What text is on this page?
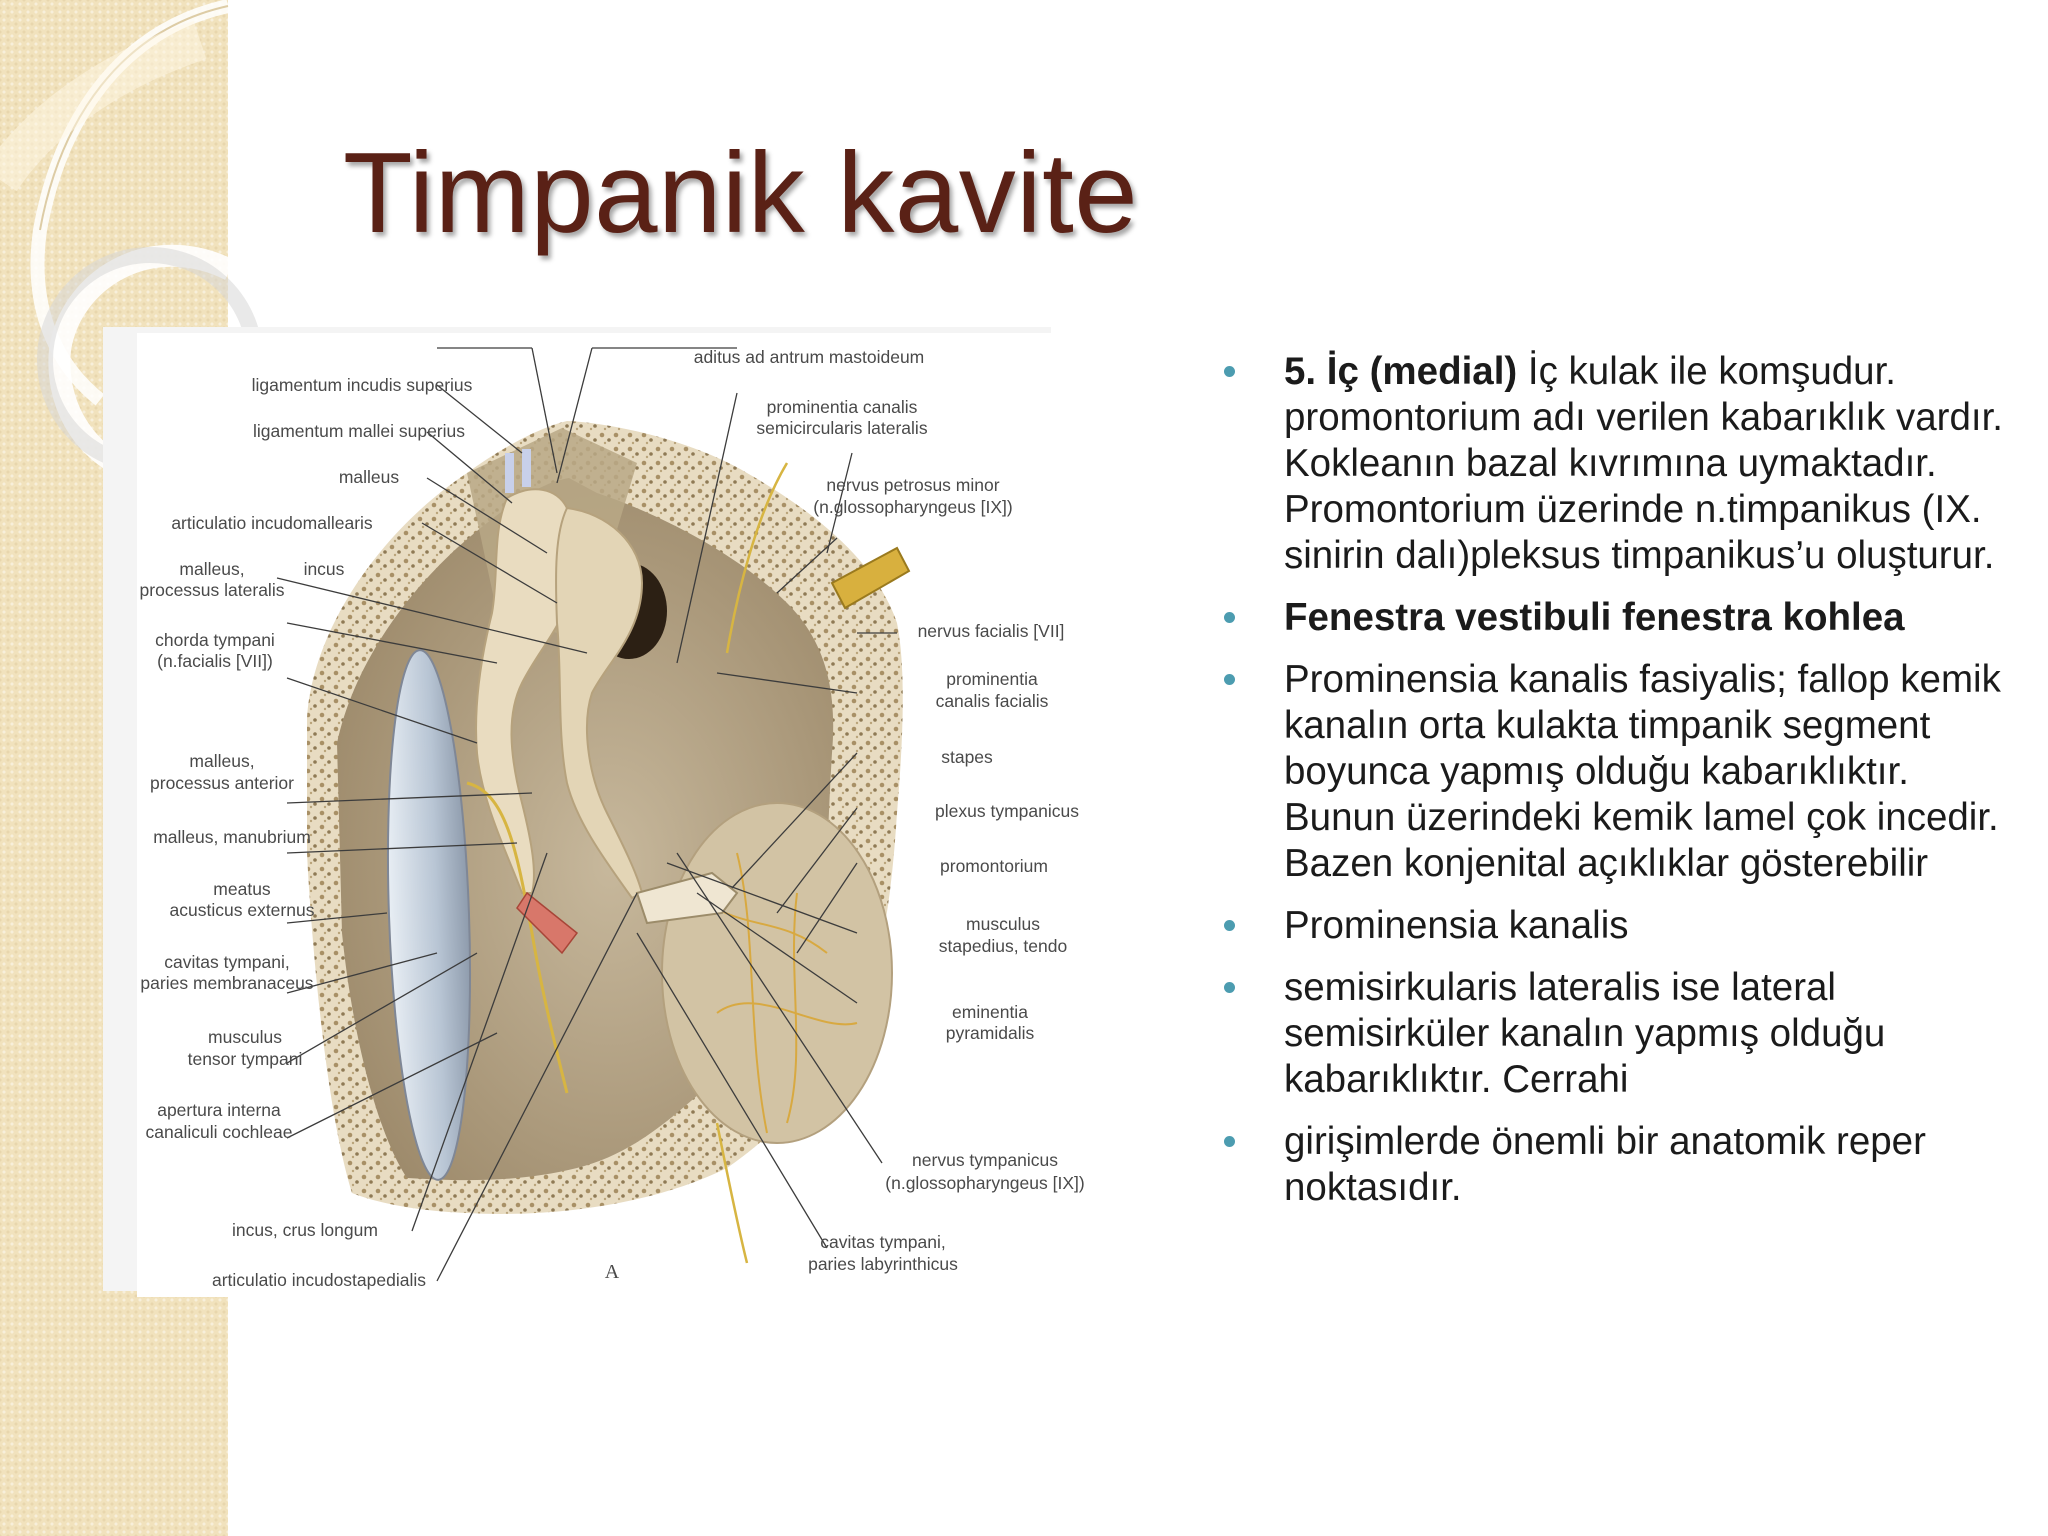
Timpanik kavite
Li
ligamentum incudis superius
ligamentum mallei superius
malleus
articulatio incudomallearis
malleus,
processus lateralis
incus
chorda tympani
(n.facialis [VII])
malleus,
processus anterior
malleus, manubrium
meatus
acusticus externus
cavitas tympani,
paries membranaceus
musculus
tensor tympani
apertura interna
canaliculi cochleae
incus, crus longum
articulatio incudostapedialis	A
aditus ad antrum mastoideum
prominentia canalis
semicircularis lateralis
nervus petrosus minor
(n.glossopharyngeus [IX])
nervus facialis [VII]
prominentia
canalis facialis
stapes
plexus tympanicus
promontorium
musculus
stapedius, tendo
eminentia
pyramidalis
nervus tympanicus
(n.glossopharyngeus [IX])
cavitas tympani,
paries labyrinthicus
5. İç (medial) İç kulak ile komşudur. promontorium adı verilen kabarıklık vardır. Kokleanın bazal kıvrımına uymaktadır. Promontorium üzerinde n.timpanikus (IX. sinirin dalı)pleksus timpanikus’u oluşturur.
Fenestra vestibuli fenestra kohlea
Prominensia kanalis fasiyalis; fallop kemik kanalın orta kulakta timpanik segment boyunca yapmış olduğu kabarıklıktır. Bunun üzerindeki kemik lamel çok incedir. Bazen konjenital açıklıklar gösterebilir
Prominensia kanalis
semisirkularis lateralis ise lateral semisirküler kanalın yapmış olduğu kabarıklıktır. Cerrahi
girişimlerde önemli bir anatomik reper noktasıdır.
